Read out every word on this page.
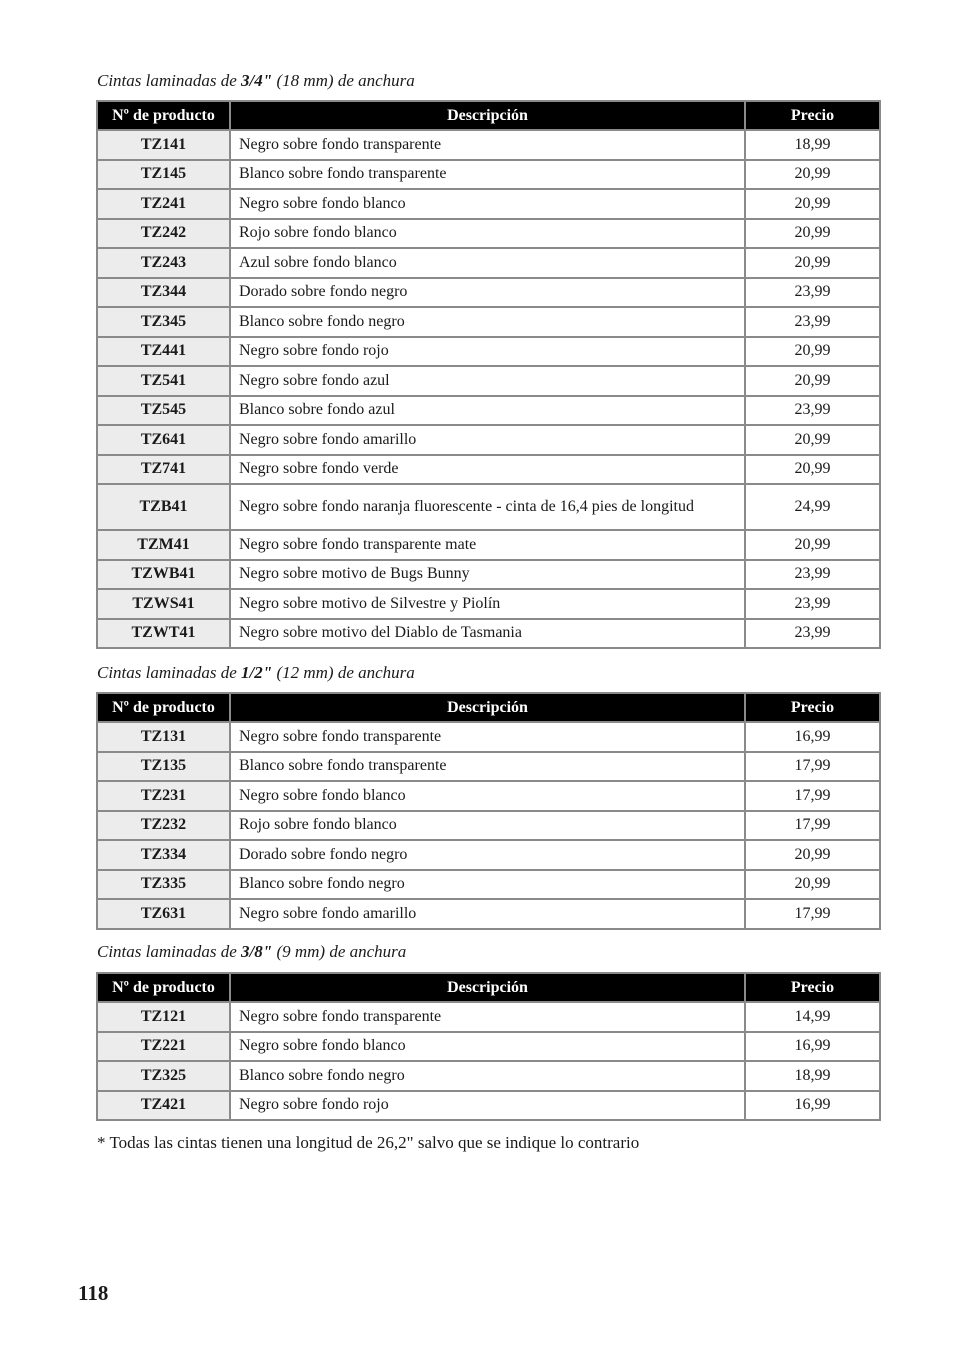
Cintas laminadas de 3/4" (18 mm) de anchura
Nº de producto	Descripción	Precio
TZ141	Negro sobre fondo transparente	18,99
TZ145	Blanco sobre fondo transparente	20,99
TZ241	Negro sobre fondo blanco	20,99
TZ242	Rojo sobre fondo blanco	20,99
TZ243	Azul sobre fondo blanco	20,99
TZ344	Dorado sobre fondo negro	23,99
TZ345	Blanco sobre fondo negro	23,99
TZ441	Negro sobre fondo rojo	20,99
TZ541	Negro sobre fondo azul	20,99
TZ545	Blanco sobre fondo azul	23,99
TZ641	Negro sobre fondo amarillo	20,99
TZ741	Negro sobre fondo verde	20,99
TZB41	Negro sobre fondo naranja fluorescente - cinta de 16,4 pies de longitud	24,99
TZM41	Negro sobre fondo transparente mate	20,99
TZWB41	Negro sobre motivo de Bugs Bunny	23,99
TZWS41	Negro sobre motivo de Silvestre y Piolín	23,99
TZWT41	Negro sobre motivo del Diablo de Tasmania	23,99
Cintas laminadas de 1/2" (12 mm) de anchura
Nº de producto	Descripción	Precio
TZ131	Negro sobre fondo transparente	16,99
TZ135	Blanco sobre fondo transparente	17,99
TZ231	Negro sobre fondo blanco	17,99
TZ232	Rojo sobre fondo blanco	17,99
TZ334	Dorado sobre fondo negro	20,99
TZ335	Blanco sobre fondo negro	20,99
TZ631	Negro sobre fondo amarillo	17,99
Cintas laminadas de 3/8" (9 mm) de anchura
Nº de producto	Descripción	Precio
TZ121	Negro sobre fondo transparente	14,99
TZ221	Negro sobre fondo blanco	16,99
TZ325	Blanco sobre fondo negro	18,99
TZ421	Negro sobre fondo rojo	16,99
* Todas las cintas tienen una longitud de 26,2" salvo que se indique lo contrario
118
